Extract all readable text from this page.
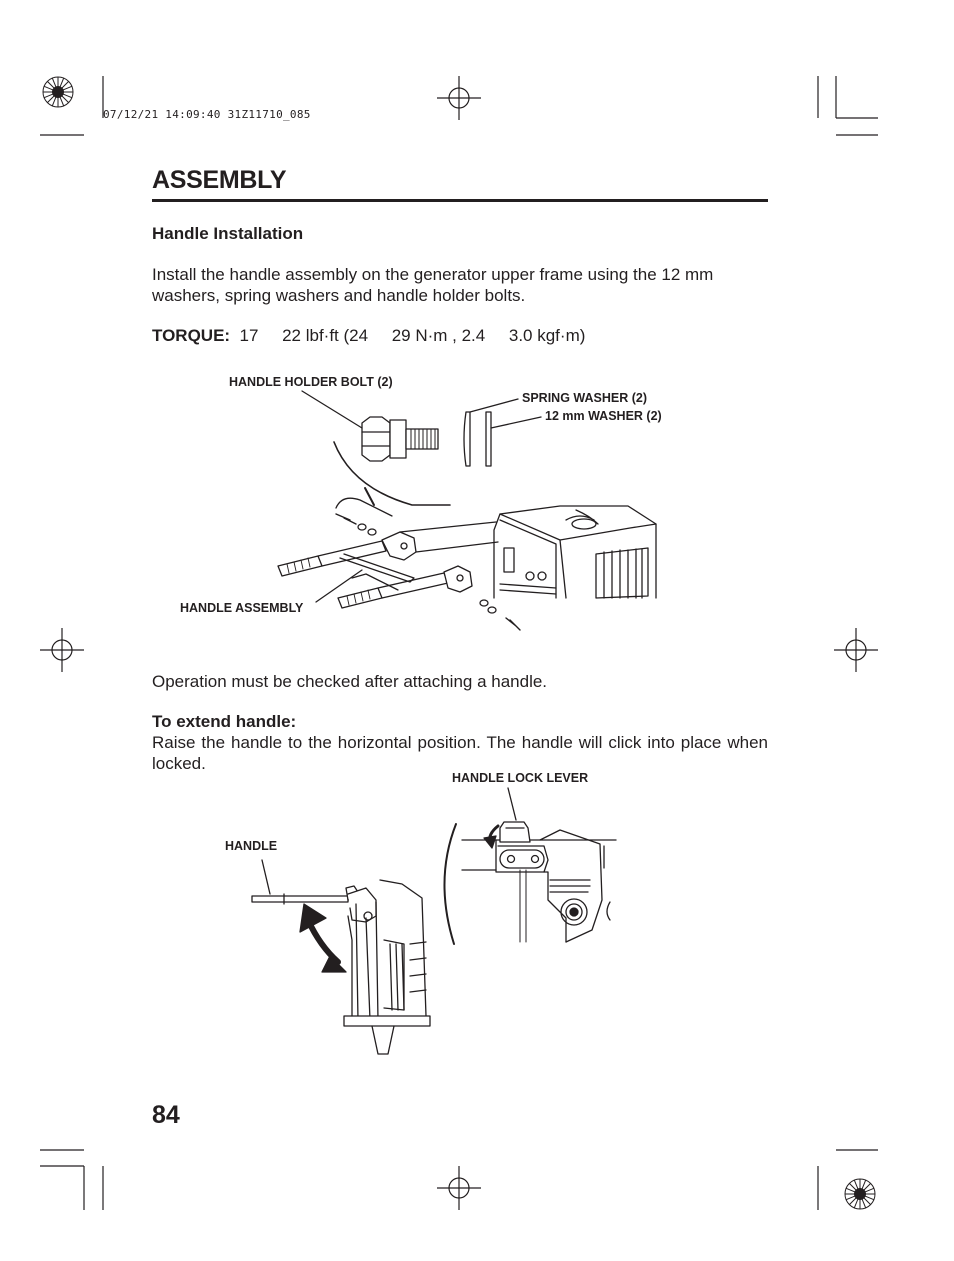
07/12/21 14:09:40 31Z11710_085
ASSEMBLY
Handle Installation
Install the handle assembly on the generator upper frame using the 12 mm washers, spring washers and handle holder bolts.
TORQUE: 17 22 lbf·ft (24 29 N·m , 2.4 3.0 kgf·m)
HANDLE HOLDER BOLT (2)
SPRING WASHER (2)
12 mm WASHER (2)
HANDLE ASSEMBLY
Operation must be checked after attaching a handle.
To extend handle:
Raise the handle to the horizontal position. The handle will click into place when locked.
HANDLE LOCK LEVER
HANDLE
84
